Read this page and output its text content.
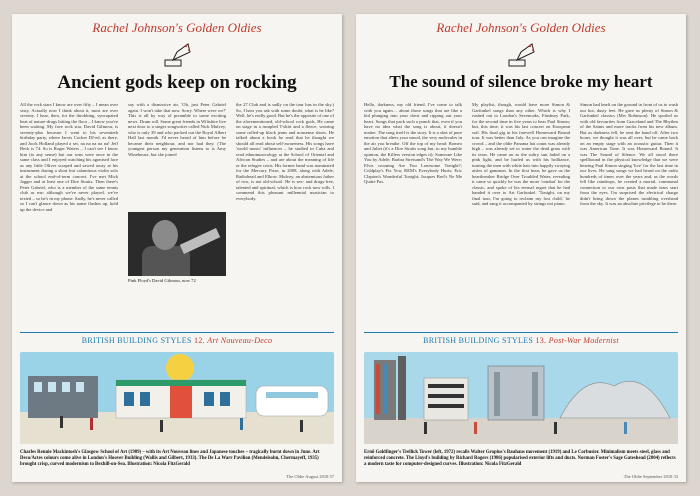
Rachel Johnson's Golden Oldies
Ancient gods keep on rocking
All the rock stars I know are over fifty – I mean over sixty. Actually now I think about it, most are over seventy. I hear, then, for the throbbing, syncopated beat of nature-drugs hitting the floor – I know you've been waiting. My fave rock star, David Gilmour, is seventy-plus because I went to his seventieth birthday party, where Jarvis Cocker DJ-ed, as there, and Jools Holland played a set, na na na na na! Jeff Beck is 74. So is Roger Waters – I can't see I know him (to any sense) but our sons were once in the same class and I enjoyed watching his agonised face as any little Oliver scraped and sawed away at his instrument during a short but calamitous violin solo at the school end-of-term concert. I've met Mick Jagger and at least one of Dire Straits. Then there's Peter Gabriel, who is a member of the same tennis club as me; although we've never played, we've texted – so he's in my phone. Sadly, he's never called so I can't glance down as his name flashes up, hold up the device and
say with a dismissive air, 'Oh, just Peter Gabriel again. I won't take that now. Sorry. Where were we?' This is all by way of preamble to some exciting news. Drum roll. Some great friends in Wiltshire live next door to a singer songwriter called Nick Mulvey, who is only 39 and who packed out the Royal Albert Hall last month. I'd never heard of him before he became their neighbour, and nor had they. (The youngest person my generation listens to is Amy Winehouse, but she joined
the 27 Club and is sadly on the tour bus in the sky.) So, I hear you ask with some doubt, what is he like? Well, he's really good. But he's the opposite of one of the aforementioned, old-school rock gods. He came on stage in a rumpled T-shirt and a fleece, wearing some rolled-up black jeans and nonsense shoes. He talked about a book he read that he thought we should all read about self-awareness. His songs have 'world music' influences – he studied in Cuba and read ethnomusicology at the School of Oriental and African Studies – and are about the meaning of life or the refugee crisis. His former band was nominated for the Mercury Prize, in 2008, along with Adele, Radiohead and Elbow. Mulvey, an abstemious father of two, is not old-school. He is sex- and drugs-free, talented and spiritual, which is how rock now rolls. I commend this pleasant millennial musician to everybody.
Pink Floyd's David Gilmour, now 72
BRITISH BUILDING STYLES 12. Art Nouveau-Deco
Charles Rennie Mackintosh's Glasgow School of Art (1909) – with its Art Nouveau lines and Japanese touches – tragically burnt down in June. Art Deco/Actes colours come alive in London's Hoover Building (Wallis and Gilbert, 1933). The De La Warr Pavilion (Mendelsohn, Chermayeff, 1935) brought crisp, curved modernism to Bexhill-on-Sea. Illustration: Nicola FitzGerald
The Oldie August 2018 57
Rachel Johnson's Golden Oldies
The sound of silence broke my heart
Hello, darkness, my old friend. I've come to talk with you again… about those songs that are like a kid plunging into your chest and ripping out your heart. Songs that pack such a punch that, even if you have no idea what the song is about, it doesn't matter. The song itself is the story. It is a shot of pure emotion that alters your mood, the very molecules in the air you breathe. Off the top of my head: Romeo and Juliet (it's a Dire Straits song but, to my humble opinion, the Killers version edges it); Someone Like You by Adele; Barbra Streisand's The Way We Were; Elvis crooning Are You Lonesome Tonight?; Coldplay's Fix You; REM's Everybody Hurts; Eric Clapton's Wonderful Tonight; Jacques Brel's Ne Me Quitte Pas.
My playlist, though, would have more Simon & Garfunkel songs than any other. Which is why I rushed out to London's Sevenoaks, Finsbury Park, for the second time in five years to hear Paul Simon; but, this time, it was his last concert on European soil. His final gig in his farewell Homeward Bound tour. It was better than July. As you can imagine the crowd – and the oldie Panama hat count was already high – was already set to water the dead grass with its tears. He came on as the sultry sun faded on a pink light, and he hurled us with his brilliance, turning the men with white hair into happily swaying aisles of gammon. In the first hour, he gave us the heartbreaker Bridge Over Troubled Water, revealing it came so quickly he was the more 'combat' for the classic, and spoke of his eternal regret that he had handed it over to Art Garfunkel. 'Tonight, on my final tour, I'm going to reclaim my lost child,' he said, and sang it accompanied by strings not piano.
Simon had knelt on the ground in front of us to wash our hot, dusty feet. He gave us plenty of Simon & Garfunkel classics (Mrs Robinson). He spoiled us with old favourites from Graceland and The Rhythm of the Saints and more tracks from his new album. But as darkness fell, he sent the band off. After two hours, we thought it was all over, but he came back on an empty stage with an acoustic guitar. Then it was American Tune. It was Homeward Bound. It was The Sound of Silence. We all stood there spellbound in the physical knowledge that we were hearing Paul Simon singing 'live' for the last time in our lives. He sang songs we had heard on the radio hundreds of times over the years and, as the words fell like raindrops, he created a mortal, communal connection to our own pasts that made tears start from the eyes. I'm surprised the electrical charge didn't bring down the planes rumbling overhead from the sky. It was an absolute privilege to be there.
BRITISH BUILDING STYLES 13. Post-War Modernist
Ernő Goldfinger's Trellick Tower (left, 1972) recalls Walter Gropius's Bauhaus movement (1919) and Le Corbusier. Minimalism meets steel, glass and reinforced concrete. The Lloyd's building by Richard Rogers (1986) popularised exterior lifts and ducts. Norman Foster's Sage Gateshead (2004) reflects a modern taste for computer-designed curves. Illustration: Nicola FitzGerald
The Oldie September 2018 33
